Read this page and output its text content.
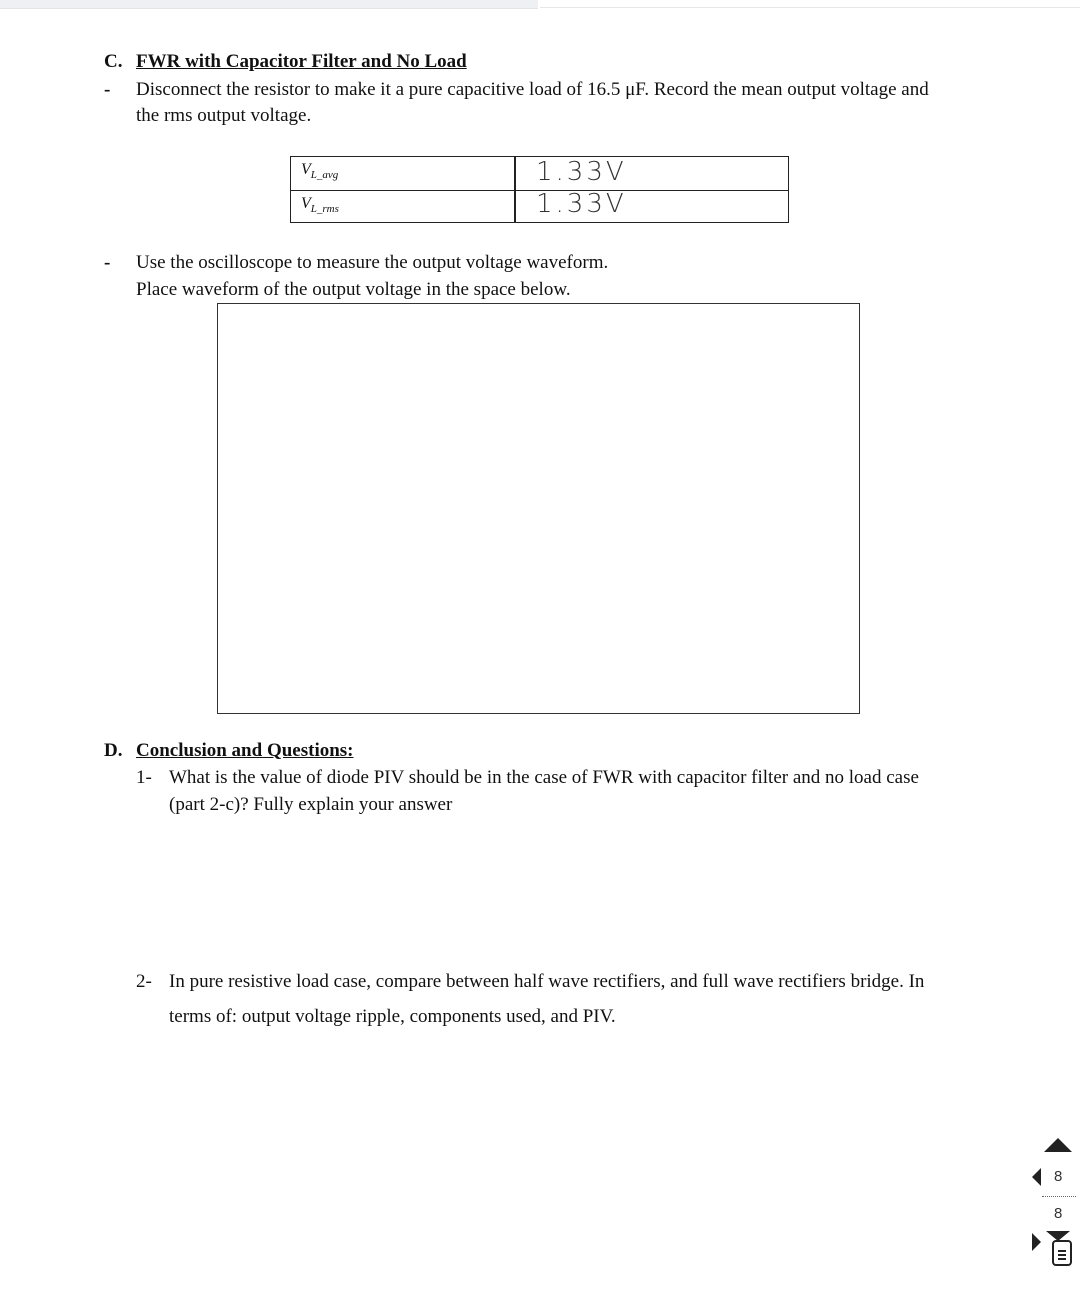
C. FWR with Capacitor Filter and No Load
- Disconnect the resistor to make it a pure capacitive load of 16.5 μF. Record the mean output voltage and
the rms output voltage.
$V_{L\_avg}$	1.33V
$V_{L\_rms}$	1.33V
- Use the oscilloscope to measure the output voltage waveform.
Place waveform of the output voltage in the space below.
D. Conclusion and Questions:
1- What is the value of diode PIV should be in the case of FWR with capacitor filter and no load case
(part 2-c)? Fully explain your answer
2- In pure resistive load case, compare between half wave rectifiers, and full wave rectifiers bridge. In
terms of: output voltage ripple, components used, and PIV.
8
8
